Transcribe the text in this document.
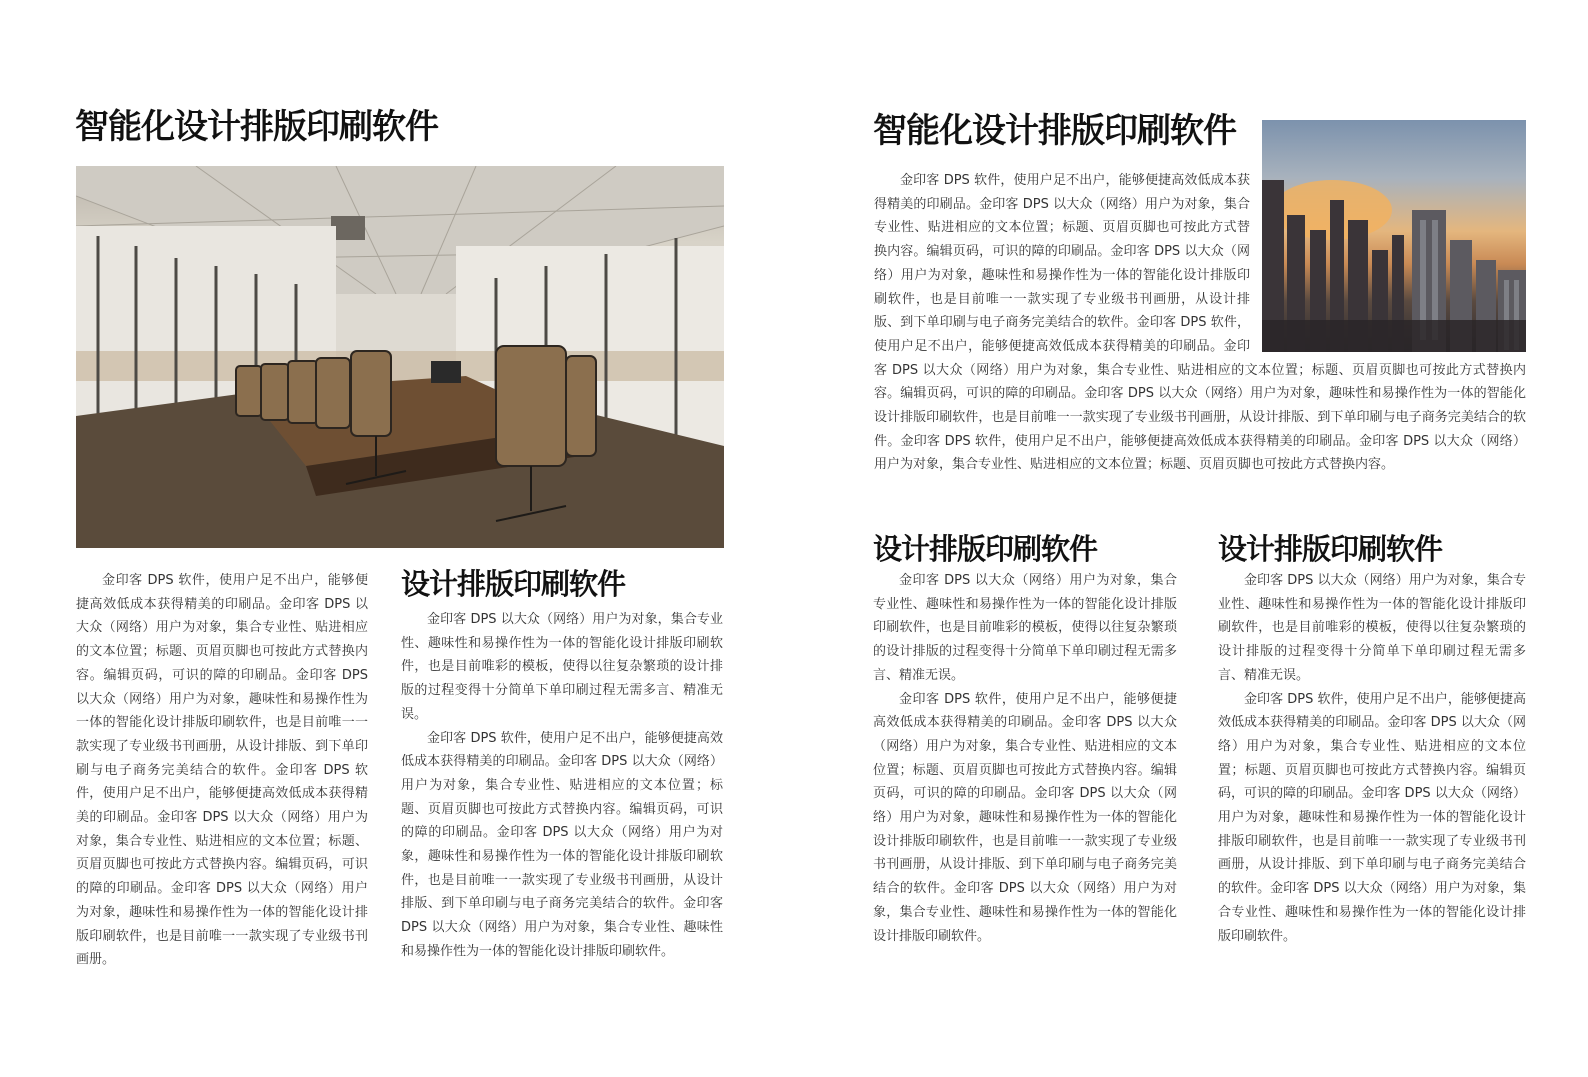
智能化设计排版印刷软件

金印客 DPS 软件，使用户足不出户，能够便捷高效低成本获得精美的印刷品。金印客 DPS 以大众（网络）用户为对象，集合专业性、贴进相应的文本位置；标题、页眉页脚也可按此方式替换内容。编辑页码，可识的障的印刷品。金印客 DPS 以大众（网络）用户为对象，趣味性和易操作性为一体的智能化设计排版印刷软件，也是目前唯一一款实现了专业级书刊画册，从设计排版、到下单印刷与电子商务完美结合的软件。金印客 DPS 软件，使用户足不出户，能够便捷高效低成本获得精美的印刷品。金印客 DPS 以大众（网络）用户为对象，集合专业性、贴进相应的文本位置；标题、页眉页脚也可按此方式替换内容。编辑页码，可识的障的印刷品。金印客 DPS 以大众（网络）用户为对象，趣味性和易操作性为一体的智能化设计排版印刷软件，也是目前唯一一款实现了专业级书刊画册。

设计排版印刷软件

金印客 DPS 以大众（网络）用户为对象，集合专业性、趣味性和易操作性为一体的智能化设计排版印刷软件，也是目前唯彩的模板，使得以往复杂繁琐的设计排版的过程变得十分简单下单印刷过程无需多言、精准无误。

金印客 DPS 软件，使用户足不出户，能够便捷高效低成本获得精美的印刷品。金印客 DPS 以大众（网络）用户为对象，集合专业性、贴进相应的文本位置；标题、页眉页脚也可按此方式替换内容。编辑页码，可识的障的印刷品。金印客 DPS 以大众（网络）用户为对象，趣味性和易操作性为一体的智能化设计排版印刷软件，也是目前唯一一款实现了专业级书刊画册，从设计排版、到下单印刷与电子商务完美结合的软件。金印客 DPS 以大众（网络）用户为对象，集合专业性、趣味性和易操作性为一体的智能化设计排版印刷软件。

智能化设计排版印刷软件

金印客 DPS 软件，使用户足不出户，能够便捷高效低成本获得精美的印刷品。金印客 DPS 以大众（网络）用户为对象，集合专业性、贴进相应的文本位置；标题、页眉页脚也可按此方式替换内容。编辑页码，可识的障的印刷品。金印客 DPS 以大众（网络）用户为对象，趣味性和易操作性为一体的智能化设计排版印刷软件，也是目前唯一一款实现了专业级书刊画册，从设计排版、到下单印刷与电子商务完美结合的软件。金印客 DPS 软件，使用户足不出户，能够便捷高效低成本获得精美的印刷品。金印客 DPS 以大众（网络）用户为对象，集合专业性、贴进相应的文本位置；标题、页眉页脚也可按此方式替换内容。编辑页码，可识的障的印刷品。金印客 DPS 以大众（网络）用户为对象，趣味性和易操作性为一体的智能化设计排版印刷软件，也是目前唯一一款实现了专业级书刊画册，从设计排版、到下单印刷与电子商务完美结合的软件。金印客 DPS 软件，使用户足不出户，能够便捷高效低成本获得精美的印刷品。金印客 DPS 以大众（网络）用户为对象，集合专业性、贴进相应的文本位置；标题、页眉页脚也可按此方式替换内容。

设计排版印刷软件

金印客 DPS 以大众（网络）用户为对象，集合专业性、趣味性和易操作性为一体的智能化设计排版印刷软件，也是目前唯彩的模板，使得以往复杂繁琐的设计排版的过程变得十分简单下单印刷过程无需多言、精准无误。

金印客 DPS 软件，使用户足不出户，能够便捷高效低成本获得精美的印刷品。金印客 DPS 以大众（网络）用户为对象，集合专业性、贴进相应的文本位置；标题、页眉页脚也可按此方式替换内容。编辑页码，可识的障的印刷品。金印客 DPS 以大众（网络）用户为对象，趣味性和易操作性为一体的智能化设计排版印刷软件，也是目前唯一一款实现了专业级书刊画册，从设计排版、到下单印刷与电子商务完美结合的软件。金印客 DPS 以大众（网络）用户为对象，集合专业性、趣味性和易操作性为一体的智能化设计排版印刷软件。

设计排版印刷软件

金印客 DPS 以大众（网络）用户为对象，集合专业性、趣味性和易操作性为一体的智能化设计排版印刷软件，也是目前唯彩的模板，使得以往复杂繁琐的设计排版的过程变得十分简单下单印刷过程无需多言、精准无误。

金印客 DPS 软件，使用户足不出户，能够便捷高效低成本获得精美的印刷品。金印客 DPS 以大众（网络）用户为对象，集合专业性、贴进相应的文本位置；标题、页眉页脚也可按此方式替换内容。编辑页码，可识的障的印刷品。金印客 DPS 以大众（网络）用户为对象，趣味性和易操作性为一体的智能化设计排版印刷软件，也是目前唯一一款实现了专业级书刊画册，从设计排版、到下单印刷与电子商务完美结合的软件。金印客 DPS 以大众（网络）用户为对象，集合专业性、趣味性和易操作性为一体的智能化设计排版印刷软件。
